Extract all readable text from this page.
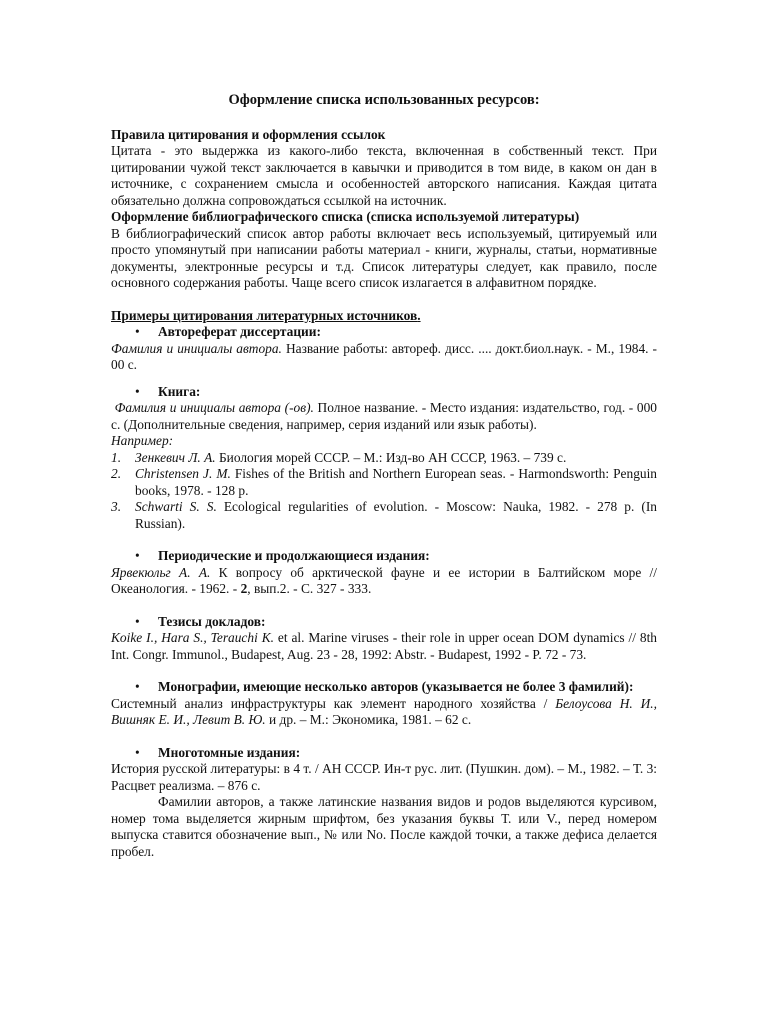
Оформление списка использованных ресурсов:

Правила цитирования и оформления ссылок

Цитата - это выдержка из какого-либо текста, включенная в собственный текст. При цитировании чужой текст заключается в кавычки и приводится в том виде, в каком он дан в источнике, с сохранением смысла и особенностей авторского написания. Каждая цитата обязательно должна сопровождаться ссылкой на источник.

Оформление библиографического списка (списка используемой литературы)

В библиографический список автор работы включает весь используемый, цитируемый или просто упомянутый при написании работы материал - книги, журналы, статьи, нормативные документы, электронные ресурсы и т.д. Список литературы следует, как правило, после основного содержания работы. Чаще всего список излагается в алфавитном порядке.

Примеры цитирования литературных источников.

• Автореферат диссертации:

Фамилия и инициалы автора. Название работы: автореф. дисс. .... докт.биол.наук. - М., 1984. - 00 с.

• Книга:

Фамилия и инициалы автора (-ов). Полное название. - Место издания: издательство, год. - 000 с. (Дополнительные сведения, например, серия изданий или язык работы).

Например:

1. Зенкевич Л. А. Биология морей СССР. – М.: Изд-во АН СССР, 1963. – 739 с.
2. Christensen J. M. Fishes of the British and Northern European seas. - Harmondsworth: Penguin books, 1978. - 128 p.
3. Schwarti S. S. Ecological regularities of evolution. - Moscow: Nauka, 1982. - 278 p. (In Russian).

• Периодические и продолжающиеся издания:

Ярвекюльг А. А. К вопросу об арктической фауне и ее истории в Балтийском море // Океанология. - 1962. - 2, вып.2. - С. 327 - 333.

• Тезисы докладов:

Koike I., Hara S., Terauchi K. et al. Marine viruses - their role in upper ocean DOM dynamics // 8th Int. Congr. Immunol., Budapest, Aug. 23 - 28, 1992: Abstr. - Budapest, 1992 - P. 72 - 73.

• Монографии, имеющие несколько авторов (указывается не более 3 фамилий):

Системный анализ инфраструктуры как элемент народного хозяйства / Белоусова Н. И., Вишняк Е. И., Левит В. Ю. и др. – М.: Экономика, 1981. – 62 с.

• Многотомные издания:

История русской литературы: в 4 т. / АН СССР. Ин-т рус. лит. (Пушкин. дом). – М., 1982. – Т. 3: Расцвет реализма. – 876 с.

Фамилии авторов, а также латинские названия видов и родов выделяются курсивом, номер тома выделяется жирным шрифтом, без указания буквы Т. или V., перед номером выпуска ставится обозначение вып., № или No. После каждой точки, а также дефиса делается пробел.
